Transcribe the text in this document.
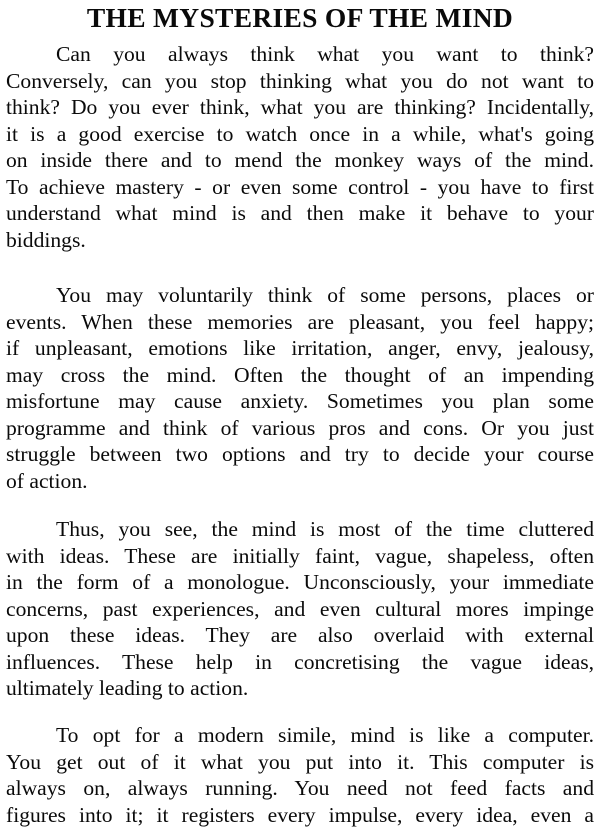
THE MYSTERIES OF THE MIND
Can you always think what you want to think?
Conversely, can you stop thinking what you do not want to
think? Do you ever think, what you are thinking? Incidentally,
it is a good exercise to watch once in a while, what's going
on inside there and to mend the monkey ways of the mind.
To achieve mastery - or even some control - you have to first
understand what mind is and then make it behave to your
biddings.
You may voluntarily think of some persons, places or
events. When these memories are pleasant, you feel happy;
if unpleasant, emotions like irritation, anger, envy, jealousy,
may cross the mind. Often the thought of an impending
misfortune may cause anxiety. Sometimes you plan some
programme and think of various pros and cons. Or you just
struggle between two options and try to decide your course
of action.
Thus, you see, the mind is most of the time cluttered
with ideas. These are initially faint, vague, shapeless, often
in the form of a monologue. Unconsciously, your immediate
concerns, past experiences, and even cultural mores impinge
upon these ideas. They are also overlaid with external
influences. These help in concretising the vague ideas,
ultimately leading to action.
To opt for a modern simile, mind is like a computer.
You get out of it what you put into it. This computer is
always on, always running. You need not feed facts and
figures into it; it registers every impulse, every idea, even a
